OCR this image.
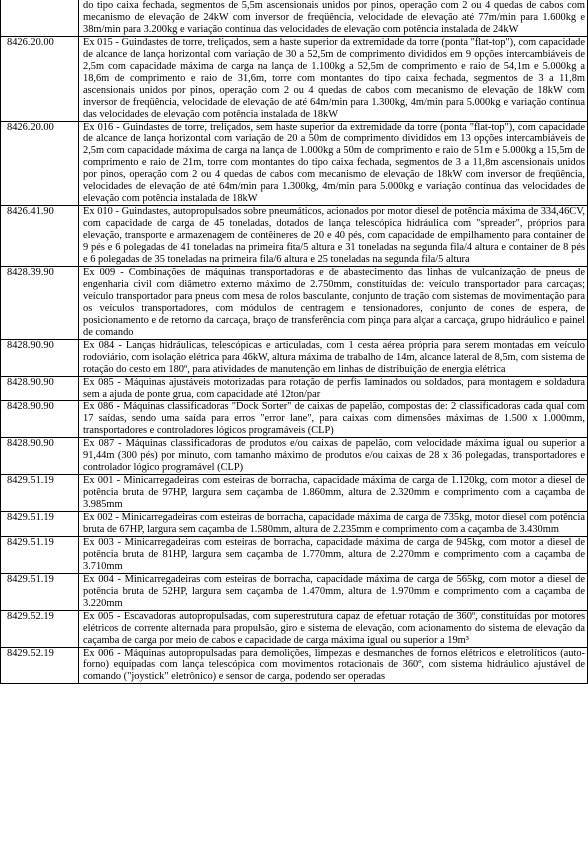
	do tipo caixa fechada, segmentos de 5,5m ascensionais unidos por pinos, operação com 2 ou 4 quedas de cabos com mecanismo de elevação de 24kW com inversor de freqüência, velocidade de elevação até 77m/min para 1.600kg e 38m/min para 3.200kg e variação contínua das velocidades de elevação com potência instalada de 24kW
8426.20.00	Ex 015 - Guindastes de torre, treliçados, sem a haste superior da extremidade da torre (ponta "flat-top"), com capacidade de alcance de lança horizontal com variação de 30 a 52,5m de comprimento divididos em 9 opções intercambiáveis de 2,5m com capacidade máxima de carga na lança de 1.100kg a 52,5m de comprimento e raio de 54,1m e 5.000kg a 18,6m de comprimento e raio de 31,6m, torre com montantes do tipo caixa fechada, segmentos de 3 a 11,8m ascensionais unidos por pinos, operação com 2 ou 4 quedas de cabos com mecanismo de elevação de 18kW com inversor de freqüência, velocidade de elevação de até 64m/min para 1.300kg, 4m/min para 5.000kg e variação contínua das velocidades de elevação com potência instalada de 18kW
8426.20.00	Ex 016 - Guindastes de torre, treliçados, sem haste superior da extremidade da torre (ponta "flat-top"), com capacidade de alcance de lança horizontal com variação de 20 a 50m de comprimento divididos em 13 opções intercambiáveis de 2,5m com capacidade máxima de carga na lança de 1.000kg a 50m de comprimento e raio de 51m e 5.000kg a 15,5m de comprimento e raio de 21m, torre com montantes do tipo caixa fechada, segmentos de 3 a 11,8m ascensionais unidos por pinos, operação com 2 ou 4 quedas de cabos com mecanismo de elevação de 18kW com inversor de freqüência, velocidades de elevação de até 64m/min para 1.300kg, 4m/min para 5.000kg e variação contínua das velocidades de elevação com potência instalada de 18kW
8426.41.90	Ex 010 - Guindastes, autopropulsados sobre pneumáticos, acionados por motor diesel de potência máxima de 334,46CV, com capacidade de carga de 45 toneladas, dotados de lança telescópica hidráulica com "spreader", próprios para elevação, transporte e armazenagem de contêineres de 20 e 40 pés, com capacidade de empilhamento para container de 9 pés e 6 polegadas de 41 toneladas na primeira fita/5 altura e 31 toneladas na segunda fila/4 altura e container de 8 pés e 6 polegadas de 35 toneladas na primeira fila/6 altura e 25 toneladas na segunda fila/5 altura
8428.39.90	Ex 009 - Combinações de máquinas transportadoras e de abastecimento das linhas de vulcanização de pneus de engenharia civil com diâmetro externo máximo de 2.750mm, constituídas de: veículo transportador para carcaças; veículo transportador para pneus com mesa de rolos basculante, conjunto de tração com sistemas de movimentação para os veículos transportadores, com módulos de centragem e tensionadores, conjunto de cones de espera, de posicionamento e de retorno da carcaça, braço de transferência com pinça para alçar a carcaça, grupo hidráulico e painel de comando
8428.90.90	Ex 084 - Lanças hidráulicas, telescópicas e articuladas, com 1 cesta aérea própria para serem montadas em veículo rodoviário, com isolação elétrica para 46kW, altura máxima de trabalho de 14m, alcance lateral de 8,5m, com sistema de rotação do cesto em 180º, para atividades de manutenção em linhas de distribuição de energia elétrica
8428.90.90	Ex 085 - Máquinas ajustáveis motorizadas para rotação de perfis laminados ou soldados, para montagem e soldadura sem a ajuda de ponte grua, com capacidade até 12ton/par
8428.90.90	Ex 086 - Máquinas classificadoras "Dock Sorter" de caixas de papelão, compostas de: 2 classificadoras cada qual com 17 saídas, sendo uma saída para erros "error lane", para caixas com dimensões máximas de 1.500 x 1.000mm, transportadores e controladores lógicos programáveis (CLP)
8428.90.90	Ex 087 - Máquinas classificadoras de produtos e/ou caixas de papelão, com velocidade máxima igual ou superior a 91,44m (300 pés) por minuto, com tamanho máximo de produtos e/ou caixas de 28 x 36 polegadas, transportadores e controlador lógico programável (CLP)
8429.51.19	Ex 001 - Minicarregadeiras com esteiras de borracha, capacidade máxima de carga de 1.120kg, com motor a diesel de potência bruta de 97HP, largura sem caçamba de 1.860mm, altura de 2.320mm e comprimento com a caçamba de 3.985mm
8429.51.19	Ex 002 - Minicarregadeiras com esteiras de borracha, capacidade máxima de carga de 735kg, motor diesel com potência bruta de 67HP, largura sem caçamba de 1.580mm, altura de 2.235mm e comprimento com a caçamba de 3.430mm
8429.51.19	Ex 003 - Minicarregadeiras com esteiras de borracha, capacidade máxima de carga de 945kg, com motor a diesel de potência bruta de 81HP, largura sem caçamba de 1.770mm, altura de 2.270mm e comprimento com a caçamba de 3.710mm
8429.51.19	Ex 004 - Minicarregadeiras com esteiras de borracha, capacidade máxima de carga de 565kg, com motor a diesel de potência bruta de 52HP, largura sem caçamba de 1.470mm, altura de 1.970mm e comprimento com a caçamba de 3.220mm
8429.52.19	Ex 005 - Escavadoras autopropulsadas, com superestrutura capaz de efetuar rotação de 360º, constituídas por motores elétricos de corrente alternada para propulsão, giro e sistema de elevação, com acionamento do sistema de elevação da caçamba de carga por meio de cabos e capacidade de carga máxima igual ou superior a 19m³
8429.52.19	Ex 006 - Máquinas autopropulsadas para demolições, limpezas e desmanches de fornos elétricos e eletrolíticos (auto-forno) equipadas com lança telescópica com movimentos rotacionais de 360º, com sistema hidráulico ajustável de comando ("joystick" eletrônico) e sensor de carga, podendo ser operadas
